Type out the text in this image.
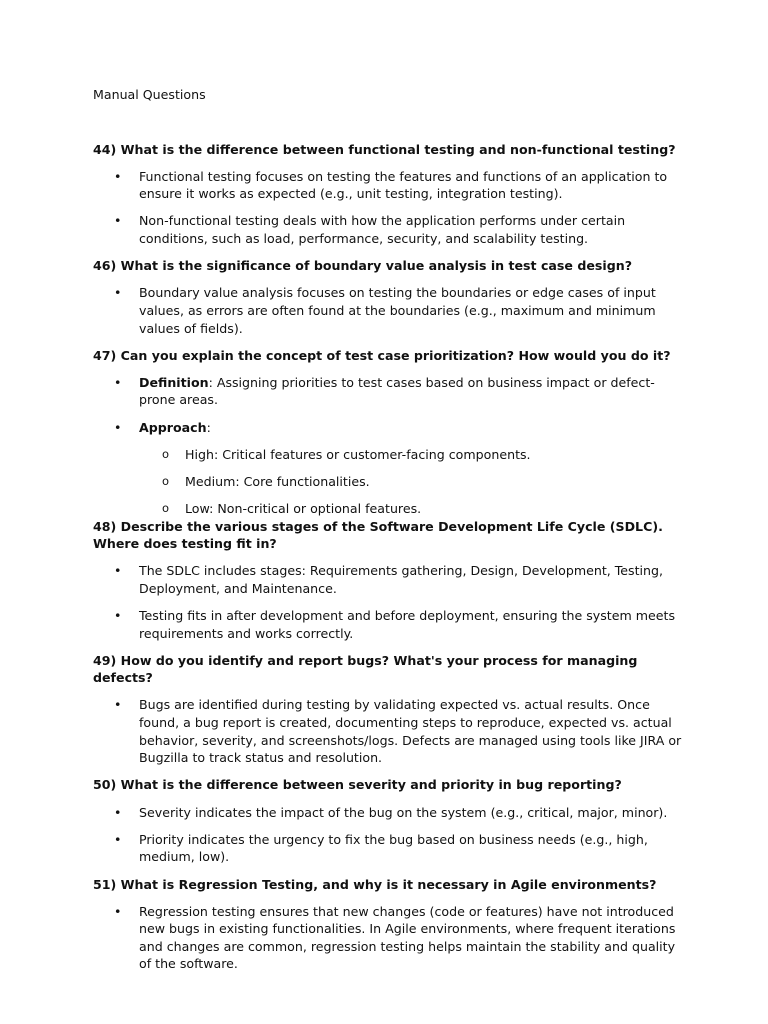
Manual Questions

44) What is the difference between functional testing and non-functional testing?

• Functional testing focuses on testing the features and functions of an application to ensure it works as expected (e.g., unit testing, integration testing).
• Non-functional testing deals with how the application performs under certain conditions, such as load, performance, security, and scalability testing.

46) What is the significance of boundary value analysis in test case design?

• Boundary value analysis focuses on testing the boundaries or edge cases of input values, as errors are often found at the boundaries (e.g., maximum and minimum values of fields).

47) Can you explain the concept of test case prioritization? How would you do it?

• Definition: Assigning priorities to test cases based on business impact or defect-prone areas.
• Approach:
o High: Critical features or customer-facing components.
o Medium: Core functionalities.
o Low: Non-critical or optional features.

48) Describe the various stages of the Software Development Life Cycle (SDLC). Where does testing fit in?

• The SDLC includes stages: Requirements gathering, Design, Development, Testing, Deployment, and Maintenance.
• Testing fits in after development and before deployment, ensuring the system meets requirements and works correctly.

49) How do you identify and report bugs? What's your process for managing defects?

• Bugs are identified during testing by validating expected vs. actual results. Once found, a bug report is created, documenting steps to reproduce, expected vs. actual behavior, severity, and screenshots/logs. Defects are managed using tools like JIRA or Bugzilla to track status and resolution.

50) What is the difference between severity and priority in bug reporting?

• Severity indicates the impact of the bug on the system (e.g., critical, major, minor).
• Priority indicates the urgency to fix the bug based on business needs (e.g., high, medium, low).

51) What is Regression Testing, and why is it necessary in Agile environments?

• Regression testing ensures that new changes (code or features) have not introduced new bugs in existing functionalities. In Agile environments, where frequent iterations and changes are common, regression testing helps maintain the stability and quality of the software.
